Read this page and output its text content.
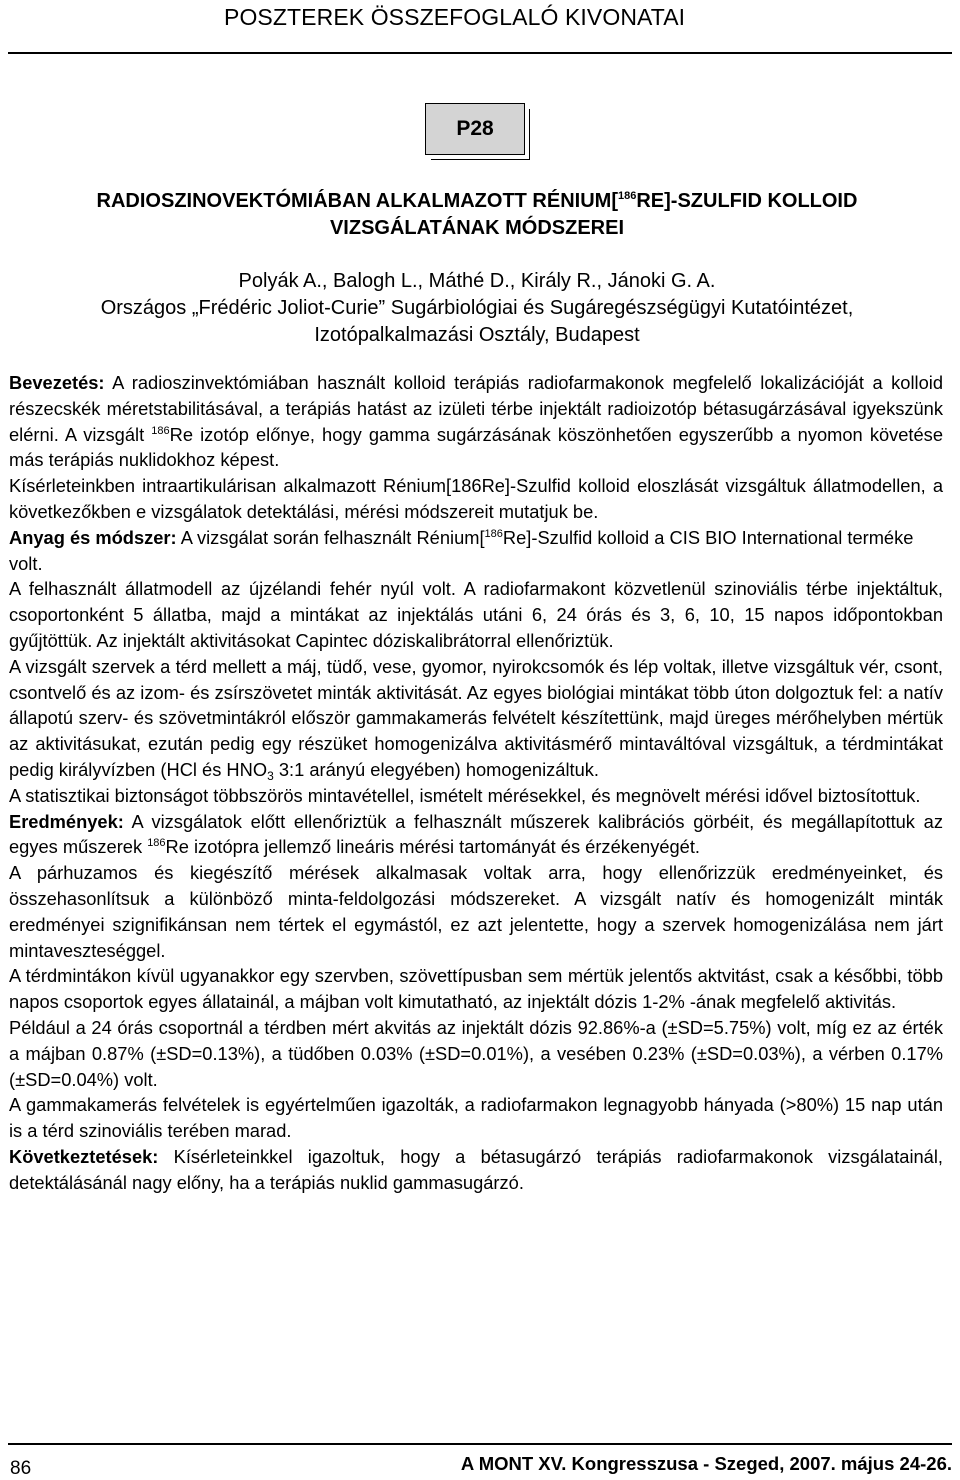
POSZTEREK ÖSSZEFOGLALÓ KIVONATAI
P28
RADIOSZINOVEKTÓMIÁBAN ALKALMAZOTT RÉNIUM[$^{186}$RE]-SZULFID KOLLOID
VIZSGÁLATÁNAK MÓDSZEREI
Polyák A., Balogh L., Máthé D., Király R., Jánoki G. A.
Országos „Frédéric Joliot-Curie” Sugárbiológiai és Sugáregészségügyi Kutatóintézet,
Izotópalkalmazási Osztály, Budapest

Bevezetés: A radioszinvektómiában használt kolloid terápiás radiofarmakonok megfelelő lokalizációját a kolloid részecskék méretstabilitásával, a terápiás hatást az izületi térbe injektált radioizotóp bétasugárzásával igyekszünk elérni. A vizsgált $^{186}$Re izotóp előnye, hogy gamma sugárzásának köszönhetően egyszerűbb a nyomon követése más terápiás nuklidokhoz képest.

Kísérleteinkben intraartikulárisan alkalmazott Rénium[186Re]-Szulfid kolloid eloszlását vizsgáltuk állatmodellen, a következőkben e vizsgálatok detektálási, mérési módszereit mutatjuk be.

Anyag és módszer: A vizsgálat során felhasznált Rénium[$^{186}$Re]-Szulfid kolloid a CIS BIO International terméke volt.

A felhasznált állatmodell az újzélandi fehér nyúl volt. A radiofarmakont közvetlenül szinoviális térbe injektáltuk, csoportonként 5 állatba, majd a mintákat az injektálás utáni 6, 24 órás és 3, 6, 10, 15 napos időpontokban gyűjtöttük. Az injektált aktivitásokat Capintec dóziskalibrátorral ellenőriztük.

A vizsgált szervek a térd mellett a máj, tüdő, vese, gyomor, nyirokcsomók és lép voltak, illetve vizsgáltuk vér, csont, csontvelő és az izom- és zsírszövetet minták aktivitását. Az egyes biológiai mintákat több úton dolgoztuk fel: a natív állapotú szerv- és szövetmintákról először gammakamerás felvételt készítettünk, majd üreges mérőhelyben mértük az aktivitásukat, ezután pedig egy részüket homogenizálva aktivitásmérő mintaváltóval vizsgáltuk, a térdmintákat pedig királyvízben (HCl és $HNO_3$ 3:1 arányú elegyében) homogenizáltuk.

A statisztikai biztonságot többszörös mintavétellel, ismételt mérésekkel, és megnövelt mérési idővel biztosítottuk.

Eredmények: A vizsgálatok előtt ellenőriztük a felhasznált műszerek kalibrációs görbéit, és megállapítottuk az egyes műszerek $^{186}$Re izotópra jellemző lineáris mérési tartományát és érzékenyégét.

A párhuzamos és kiegészítő mérések alkalmasak voltak arra, hogy ellenőrizzük eredményeinket, és összehasonlítsuk a különböző minta-feldolgozási módszereket. A vizsgált natív és homogenizált minták eredményei szignifikánsan nem tértek el egymástól, ez azt jelentette, hogy a szervek homogenizálása nem járt mintaveszteséggel.

A térdmintákon kívül ugyanakkor egy szervben, szövettípusban sem mértük jelentős aktvitást, csak a későbbi, több napos csoportok egyes állatainál, a májban volt kimutatható, az injektált dózis 1-2% -ának megfelelő aktivitás.

Például a 24 órás csoportnál a térdben mért akvitás az injektált dózis 92.86%-a (±SD=5.75%) volt, míg ez az érték a májban 0.87% (±SD=0.13%), a tüdőben 0.03% (±SD=0.01%), a vesében 0.23% (±SD=0.03%), a vérben 0.17% (±SD=0.04%) volt.

A gammakamerás felvételek is egyértelműen igazolták, a radiofarmakon legnagyobb hányada (>80%) 15 nap után is a térd szinoviális terében marad.

Következtetések: Kísérleteinkkel igazoltuk, hogy a bétasugárzó terápiás radiofarmakonok vizsgálatainál, detektálásánál nagy előny, ha a terápiás nuklid gammasugárzó.

86	A MONT XV. Kongresszusa - Szeged, 2007. május 24-26.
